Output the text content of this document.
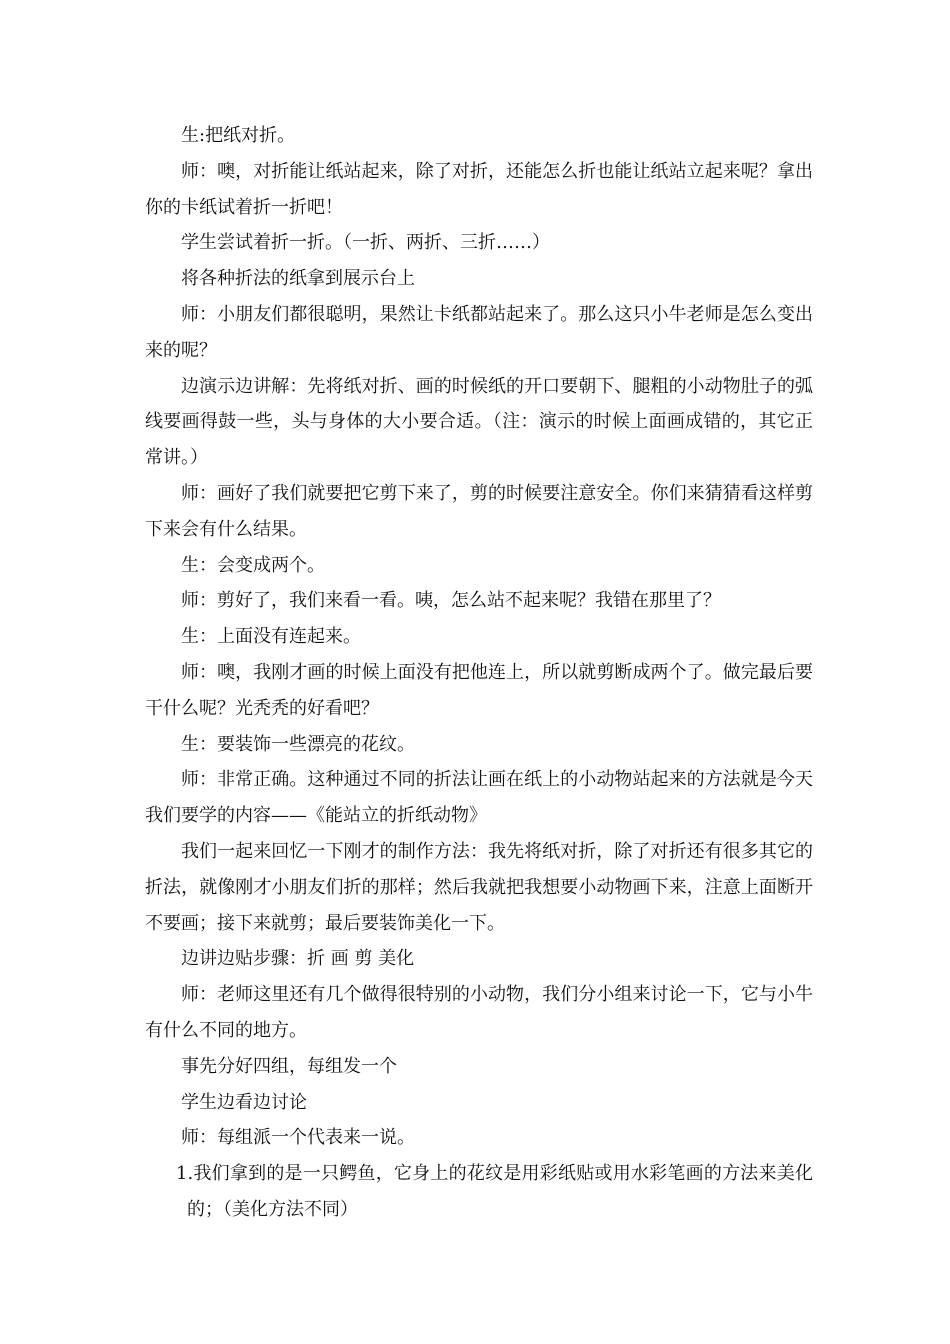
生:把纸对折。

师：噢，对折能让纸站起来，除了对折，还能怎么折也能让纸站立起来呢？拿出你的卡纸试着折一折吧！

学生尝试着折一折。（一折、两折、三折……）

将各种折法的纸拿到展示台上

师：小朋友们都很聪明，果然让卡纸都站起来了。那么这只小牛老师是怎么变出来的呢？

边演示边讲解：先将纸对折、画的时候纸的开口要朝下、腿粗的小动物肚子的弧线要画得鼓一些，头与身体的大小要合适。（注：演示的时候上面画成错的，其它正常讲。）

师：画好了我们就要把它剪下来了，剪的时候要注意安全。你们来猜猜看这样剪下来会有什么结果。

生：会变成两个。

师：剪好了，我们来看一看。咦，怎么站不起来呢？我错在那里了？

生：上面没有连起来。

师：噢，我刚才画的时候上面没有把他连上，所以就剪断成两个了。做完最后要干什么呢？光秃秃的好看吧？

生：要装饰一些漂亮的花纹。

师：非常正确。这种通过不同的折法让画在纸上的小动物站起来的方法就是今天我们要学的内容——《能站立的折纸动物》

我们一起来回忆一下刚才的制作方法：我先将纸对折，除了对折还有很多其它的折法，就像刚才小朋友们折的那样；然后我就把我想要小动物画下来，注意上面断开不要画；接下来就剪；最后要装饰美化一下。

边讲边贴步骤：折 画 剪 美化

师：老师这里还有几个做得很特别的小动物，我们分小组来讨论一下，它与小牛有什么不同的地方。

事先分好四组，每组发一个

学生边看边讨论

师：每组派一个代表来一说。

1.我们拿到的是一只鳄鱼，它身上的花纹是用彩纸贴或用水彩笔画的方法来美化的；（美化方法不同）
